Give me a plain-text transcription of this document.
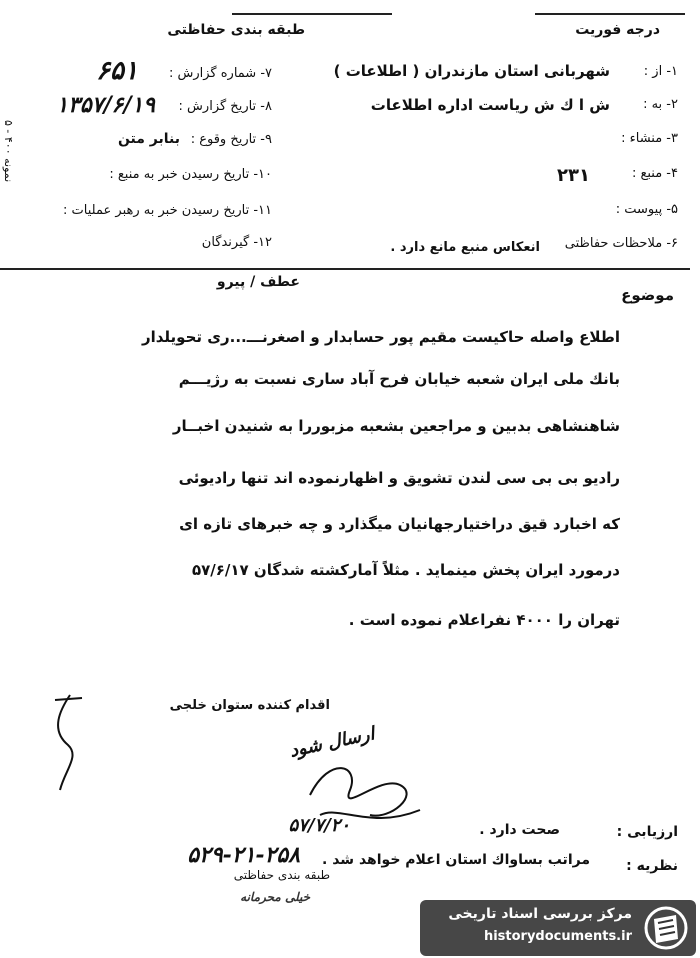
درجه فوریت
طبقه بندی حفاظتی
۱- از :
شهربانی استان مازندران ( اطلاعات )
۲- به :
ش ا ك ش ریاست اداره اطلاعات
۳- منشاء :
۴- منبع :
۲۳۱
۵- پیوست :
۶- ملاحظات حفاظتی
انعکاس منبع مانع دارد .
۷- شماره گزارش :
۶۵۱
۸- تاریخ گزارش :
۱۳۵۷/۶/۱۹
۹- تاریخ وقوع :
بنابر متن
۱۰- تاریخ رسیدن خبر به منبع :
۱۱- تاریخ رسیدن خبر به رهبر عملیات :
۱۲- گیرندگان
نمونه ۴۰۰ - ۵
موضوع
عطف / پیرو
اطلاع واصله حاکیست مقیم پور حسابدار و اصغرنـــ...ری تحویلدار
بانك ملی ایران شعبه خیابان فرح آباد ساری نسبت به رژیـــم
شاهنشاهی بدبین و مراجعین بشعبه مزبوررا به شنیدن اخبــار
رادیو بی بی سی لندن تشویق و اظهارنموده اند تنها رادیوئی
که اخبارد قیق دراختیارجهانیان میگذارد و چه خبرهای تازه ای
درمورد ایران پخش مینماید . مثلاً آمارکشته شدگان ۵۷/۶/۱۷
تهران را ۴۰۰۰ نفراعلام نموده است .
اقدام کننده ستوان خلجی
ارسال شود
۵۷/۷/۲۰	ارزیابی :
صحت دارد .
نظریه :
مراتب بساواك استان اعلام خواهد شد .
۵۲۹-۲۱-۲۵۸
طبقه بندی حفاظتی
خیلی محرمانه
مرکز بررسی اسناد تاریخی
historydocuments.ir
